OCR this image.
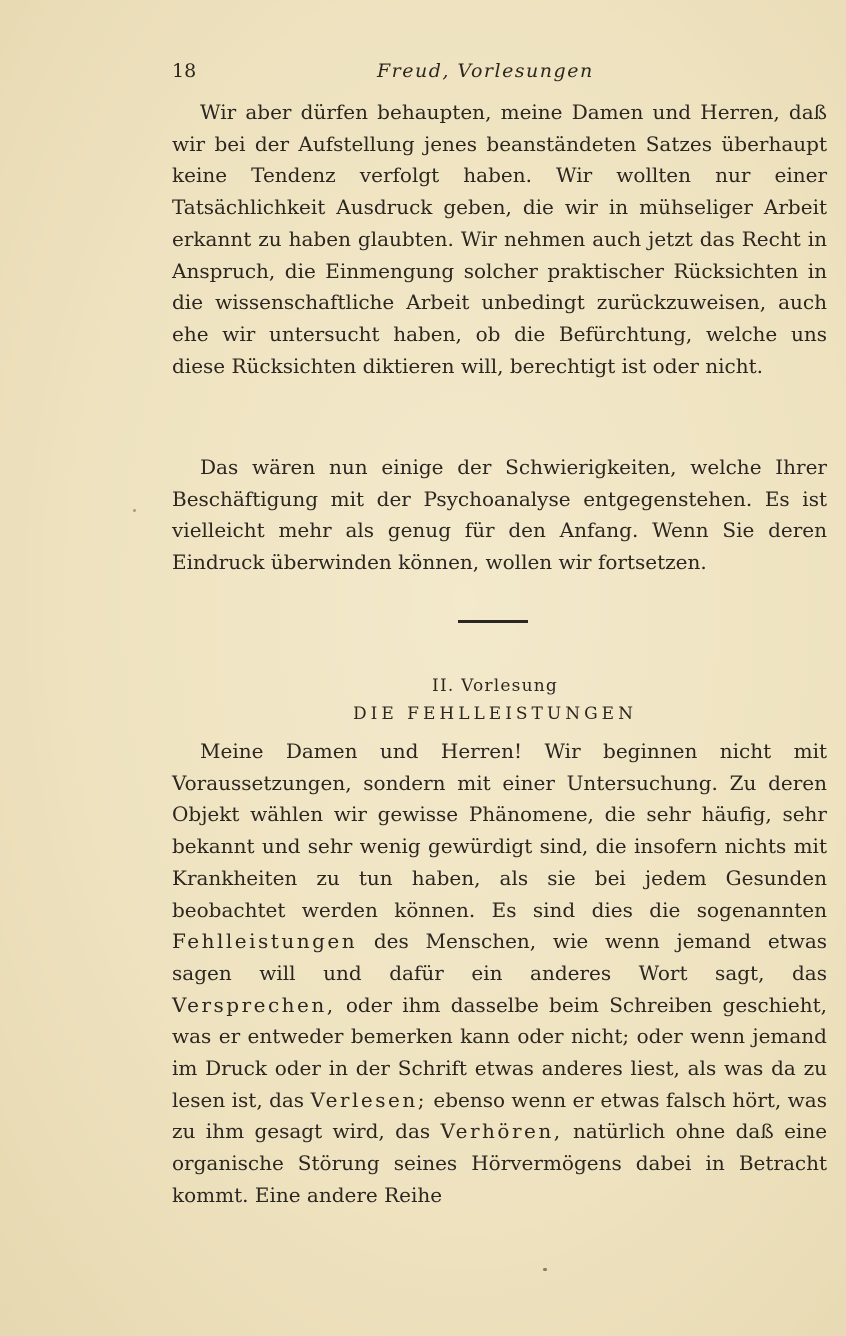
18	Freud, Vorlesungen

Wir aber dürfen behaupten, meine Damen und Herren, daß wir bei der Aufstellung jenes beanständeten Satzes überhaupt keine Tendenz verfolgt haben. Wir wollten nur einer Tatsächlichkeit Ausdruck geben, die wir in mühseliger Arbeit erkannt zu haben glaubten. Wir nehmen auch jetzt das Recht in Anspruch, die Einmengung solcher praktischer Rücksichten in die wissenschaftliche Arbeit unbedingt zurückzuweisen, auch ehe wir untersucht haben, ob die Befürchtung, welche uns diese Rücksichten diktieren will, berechtigt ist oder nicht.

Das wären nun einige der Schwierigkeiten, welche Ihrer Beschäftigung mit der Psychoanalyse entgegenstehen. Es ist vielleicht mehr als genug für den Anfang. Wenn Sie deren Eindruck überwinden können, wollen wir fortsetzen.

II. Vorlesung
DIE FEHLLEISTUNGEN

Meine Damen und Herren! Wir beginnen nicht mit Voraussetzungen, sondern mit einer Untersuchung. Zu deren Objekt wählen wir gewisse Phänomene, die sehr häufig, sehr bekannt und sehr wenig gewürdigt sind, die insofern nichts mit Krankheiten zu tun haben, als sie bei jedem Gesunden beobachtet werden können. Es sind dies die sogenannten Fehlleistungen des Menschen, wie wenn jemand etwas sagen will und dafür ein anderes Wort sagt, das Versprechen, oder ihm dasselbe beim Schreiben geschieht, was er entweder bemerken kann oder nicht; oder wenn jemand im Druck oder in der Schrift etwas anderes liest, als was da zu lesen ist, das Verlesen; ebenso wenn er etwas falsch hört, was zu ihm gesagt wird, das Verhören, natürlich ohne daß eine organische Störung seines Hörvermögens dabei in Betracht kommt. Eine andere Reihe
